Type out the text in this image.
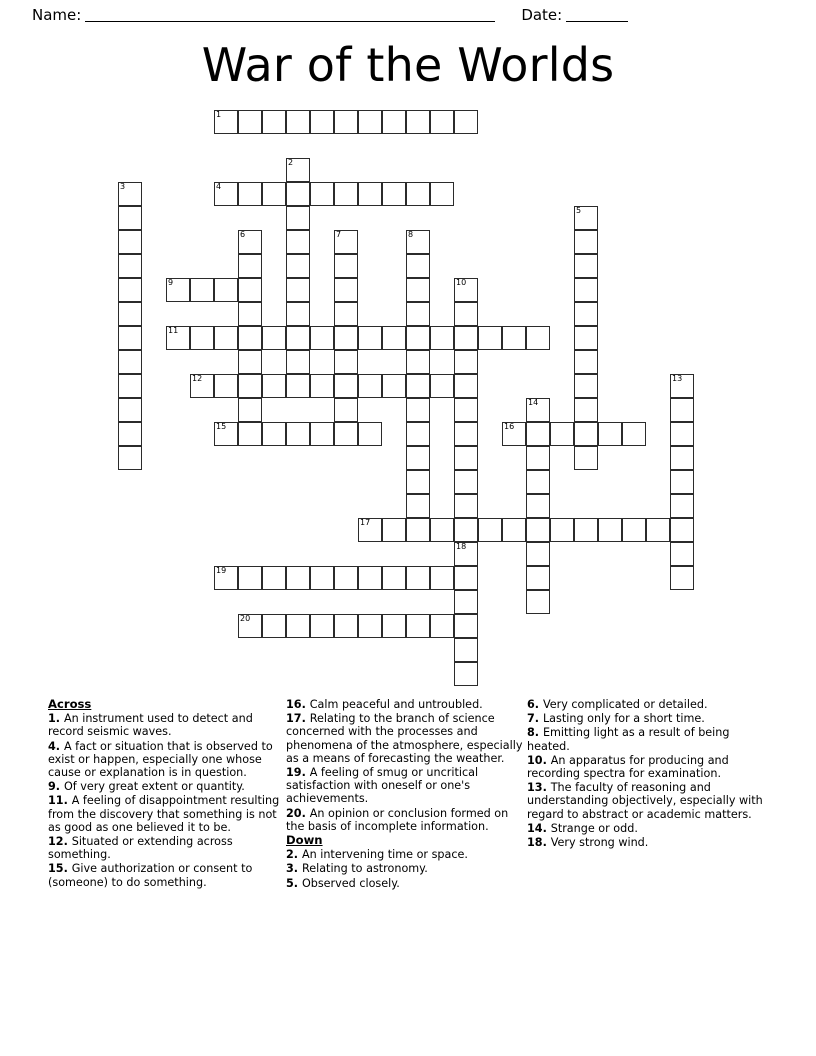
Name:	Date:
War of the Worlds
1
2
3	4
5
6	7	8
9	10
18
11
12	13
14
15	16
17
19
20
Across

1. An instrument used to detect and record seismic waves.

4. A fact or situation that is observed to exist or happen, especially one whose cause or explanation is in question.

9. Of very great extent or quantity.

11. A feeling of disappointment resulting from the discovery that something is not as good as one believed it to be.

12. Situated or extending across something.

15. Give authorization or consent to (someone) to do something.

16. Calm peaceful and untroubled.

17. Relating to the branch of science concerned with the processes and phenomena of the atmosphere, especially as a means of forecasting the weather.

19. A feeling of smug or uncritical satisfaction with oneself or one's achievements.

20. An opinion or conclusion formed on the basis of incomplete information.

Down

2. An intervening time or space.

3. Relating to astronomy.

5. Observed closely.

6. Very complicated or detailed.

7. Lasting only for a short time.

8. Emitting light as a result of being heated.

10. An apparatus for producing and recording spectra for examination.

13. The faculty of reasoning and understanding objectively, especially with regard to abstract or academic matters.

14. Strange or odd.

18. Very strong wind.
